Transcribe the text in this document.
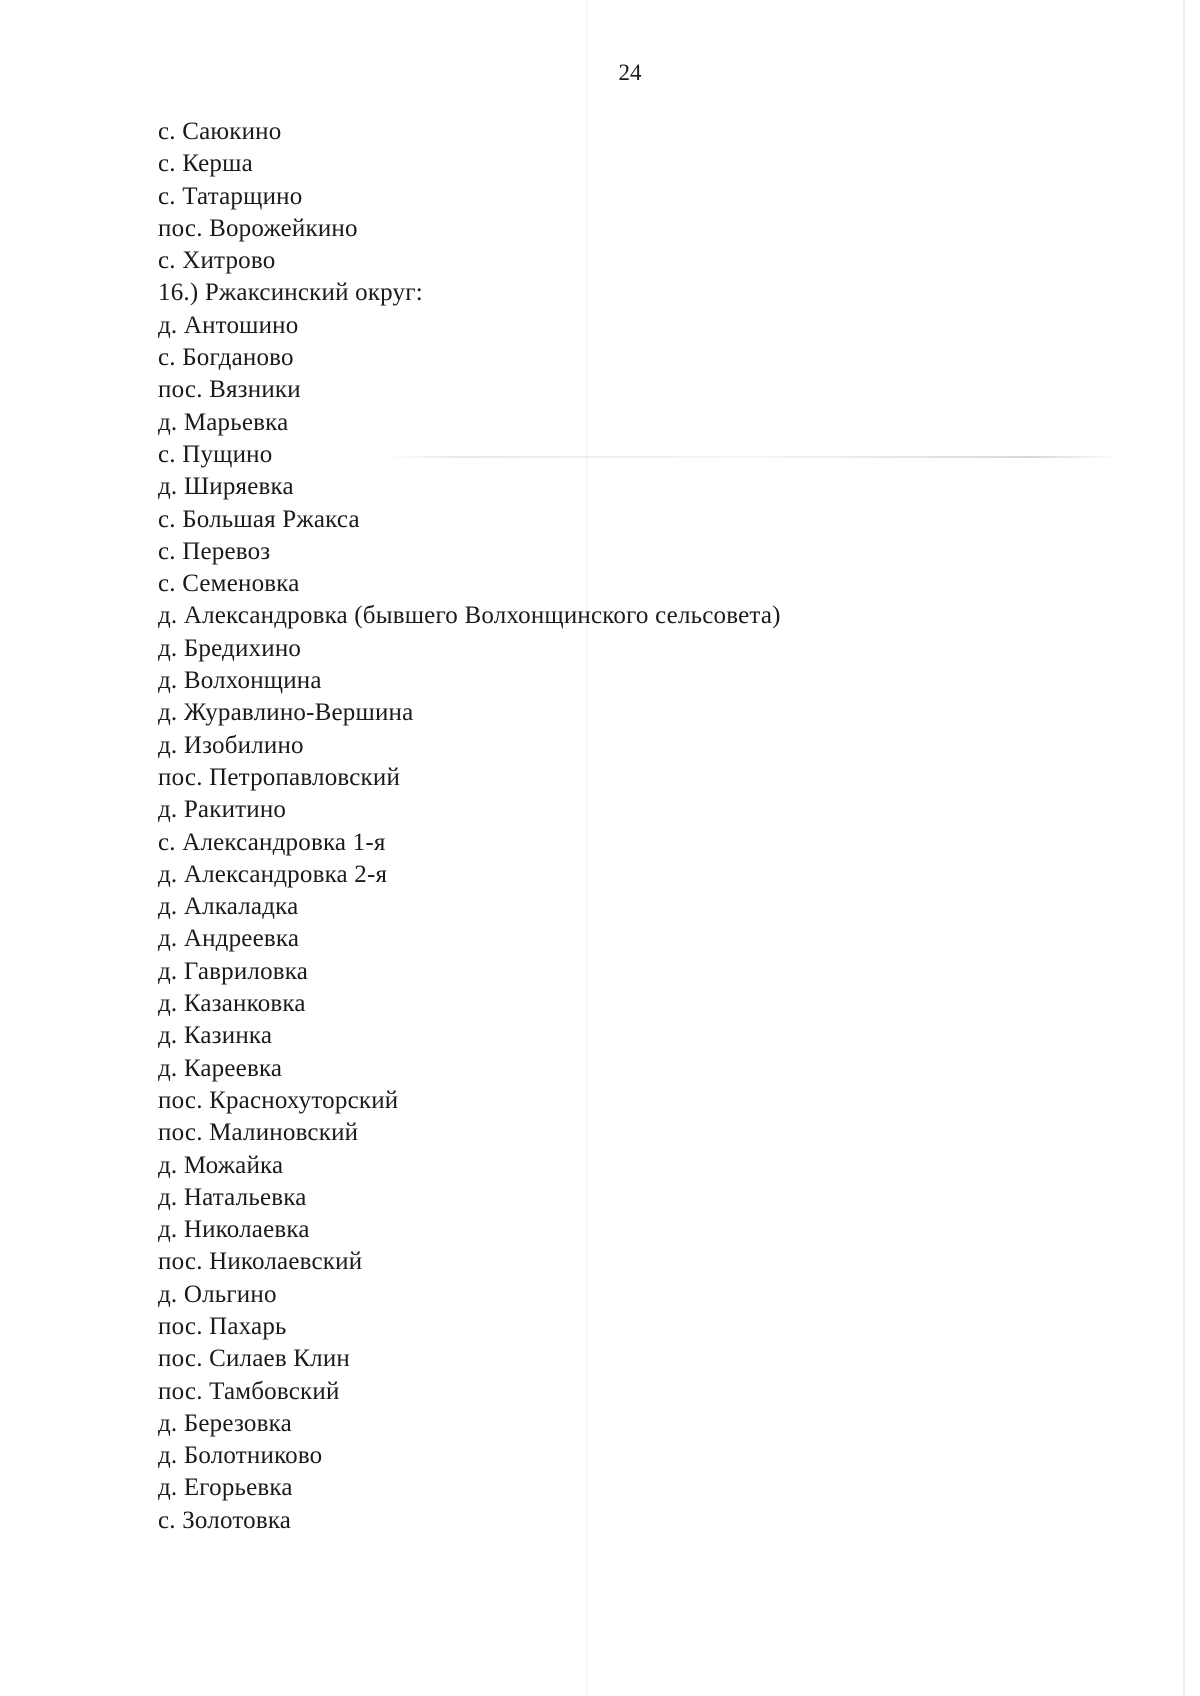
24
с. Саюкино
с. Керша
с. Татарщино
пос. Ворожейкино
с. Хитрово
16.) Ржаксинский округ:
д. Антошино
с. Богданово
пос. Вязники
д. Марьевка
с. Пущино
д. Ширяевка
с. Большая Ржакса
с. Перевоз
с. Семеновка
д. Александровка (бывшего Волхонщинского сельсовета)
д. Бредихино
д. Волхонщина
д. Журавлино-Вершина
д. Изобилино
пос. Петропавловский
д. Ракитино
с. Александровка 1-я
д. Александровка 2-я
д. Алкаладка
д. Андреевка
д. Гавриловка
д. Казанковка
д. Казинка
д. Кареевка
пос. Краснохуторский
пос. Малиновский
д. Можайка
д. Натальевка
д. Николаевка
пос. Николаевский
д. Ольгино
пос. Пахарь
пос. Силаев Клин
пос. Тамбовский
д. Березовка
д. Болотниково
д. Егорьевка
с. Золотовка
